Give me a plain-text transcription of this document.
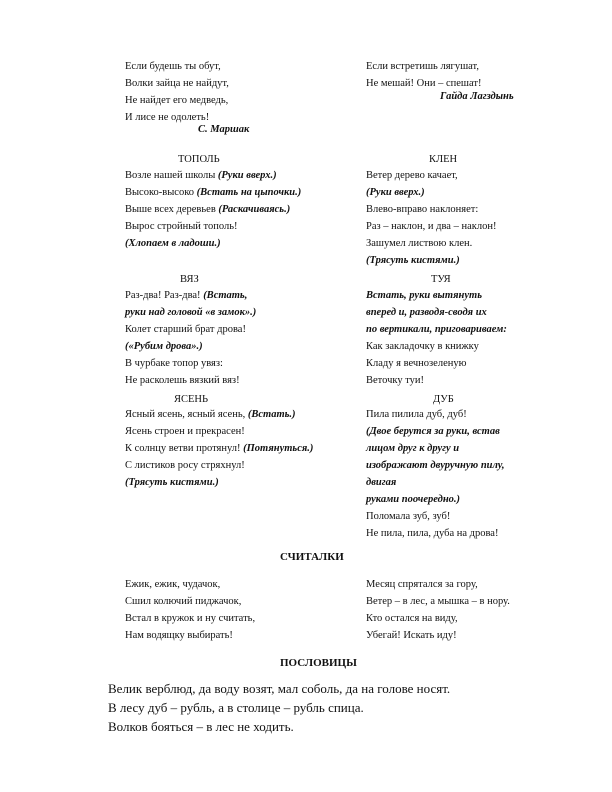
Если будешь ты обут,
Волки зайца не найдут,
Не найдет его медведь,
И лисе не одолеть!
С. Маршак
Если встретишь лягушат,
Не мешай! Они – спешат!
Гайда Лагздынь
ТОПОЛЬ
Возле нашей школы (Руки вверх.)
Высоко-высоко (Встать на цыпочки.)
Выше всех деревьев (Раскачиваясь.)
Вырос стройный тополь!
(Хлопаем в ладоши.)
КЛЕН
Ветер дерево качает,
(Руки вверх.)
Влево-вправо наклоняет:
Раз – наклон, и два – наклон!
Зашумел листвою клен.
(Трясуть кистями.)
ВЯЗ
Раз-два! Раз-два! (Встать,
руки над головой «в замок».)
Колет старший брат дрова!
(«Рубим дрова».)
В чурбаке топор увяз:
Не расколешь вязкий вяз!
ТУЯ
Встать, руки вытянуть
вперед и, разводя-сводя их
по вертикали, приговариваем:
Как закладочку в книжку
Кладу я вечнозеленую
Веточку туи!
ЯСЕНЬ
Ясный ясень, ясный ясень, (Встать.)
Ясень строен и прекрасен!
К солнцу ветви протянул! (Потянуться.)
С листиков росу стряхнул!
(Трясуть кистями.)
ДУБ
Пила пилила дуб, дуб!
(Двое берутся за руки, встав
лицом друг к другу и
изображают двуручную пилу,
двигая
руками поочередно.)
Поломала зуб, зуб!
Не пила, пила, дуба на дрова!
СЧИТАЛКИ
Ежик, ежик, чудачок,
Сшил колючий пиджачок,
Встал в кружок и ну считать,
Нам водящку выбирать!
Месяц спрятался за гору,
Ветер – в лес, а мышка – в нору.
Кто остался на виду,
Убегай! Искать иду!
ПОСЛОВИЦЫ
Велик верблюд, да воду возят, мал соболь, да на голове носят.
В лесу дуб – рубль, а в столице – рубль спица.
Волков бояться – в лес не ходить.
